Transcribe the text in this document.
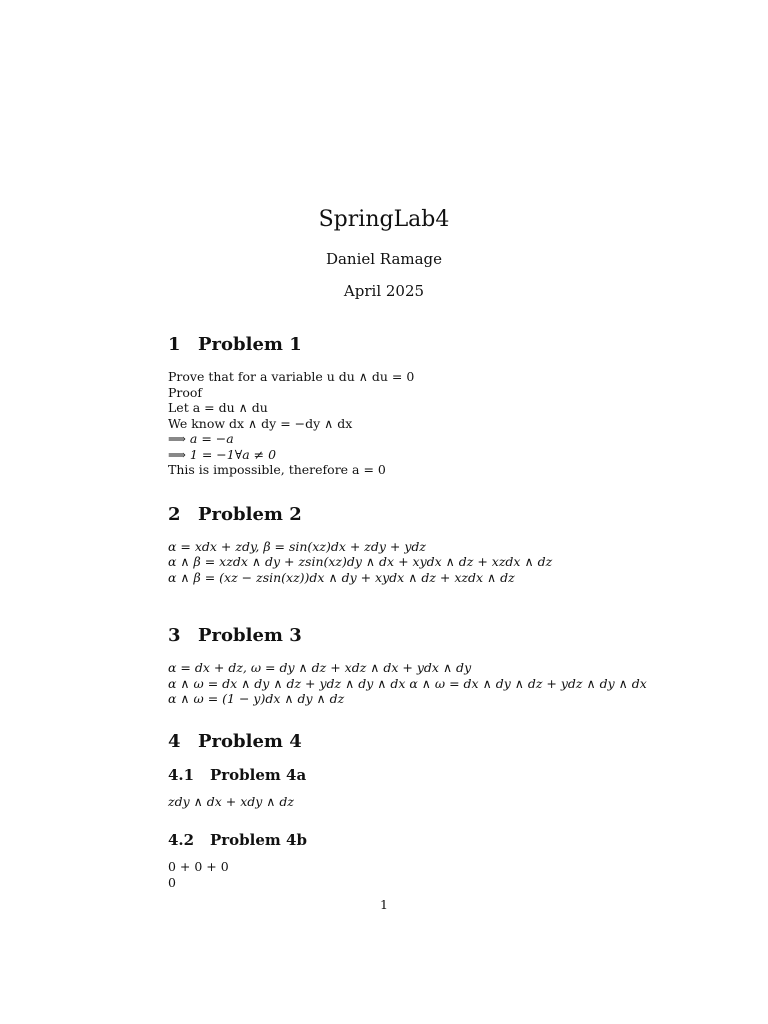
SpringLab4
Daniel Ramage
April 2025
1 Problem 1
Prove that for a variable u du ∧ du = 0
Proof
Let a = du ∧ du
We know dx ∧ dy = −dy ∧ dx
⟹ a = −a
⟹ 1 = −1∀a ≠ 0
This is impossible, therefore a = 0
2 Problem 2
α = xdx + zdy, β = sin(xz)dx + zdy + ydz
α ∧ β = xzdx ∧ dy + zsin(xz)dy ∧ dx + xydx ∧ dz + xzdx ∧ dz
α ∧ β = (xz − zsin(xz))dx ∧ dy + xydx ∧ dz + xzdx ∧ dz
3 Problem 3
α = dx + dz, ω = dy ∧ dz + xdz ∧ dx + ydx ∧ dy
α ∧ ω = dx ∧ dy ∧ dz + ydz ∧ dy ∧ dx α ∧ ω = dx ∧ dy ∧ dz + ydz ∧ dy ∧ dx
α ∧ ω = (1 − y)dx ∧ dy ∧ dz
4 Problem 4
4.1 Problem 4a
zdy ∧ dx + xdy ∧ dz
4.2 Problem 4b
0 + 0 + 0
0
1
